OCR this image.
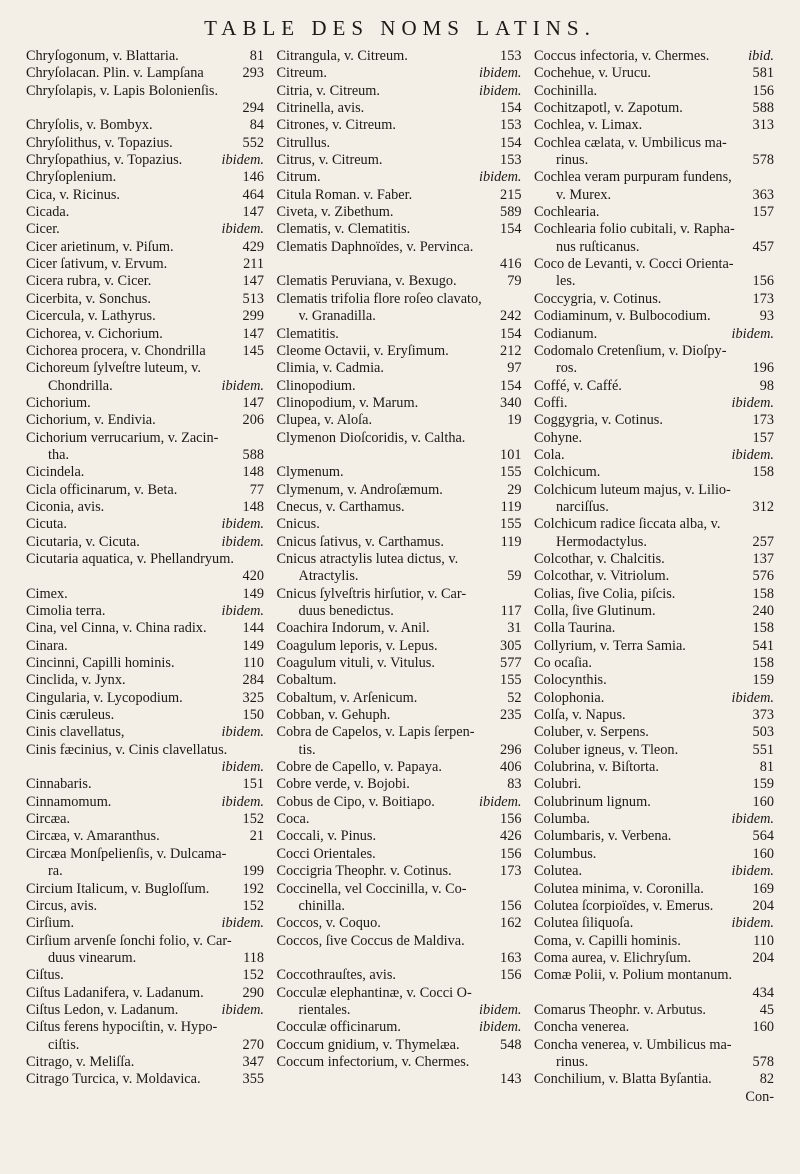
TABLE DES NOMS LATINS.
Chryſogonum, v. Blattaria.	81
Chryſolacan. Plin. v. Lampſana	293
Chryſolapis, v. Lapis Bolonienſis.
294
Chryſolis, v. Bombyx.	84
Chryſolithus, v. Topazius.	552
Chryſopathius, v. Topazius.	ibidem.
Chryſoplenium.	146
Cica, v. Ricinus.	464
Cicada.	147
Cicer.	ibidem.
Cicer arietinum, v. Piſum.	429
Cicer ſativum, v. Ervum.	211
Cicera rubra, v. Cicer.	147
Cicerbita, v. Sonchus.	513
Cicercula, v. Lathyrus.	299
Cichorea, v. Cichorium.	147
Cichorea procera, v. Chondrilla	145
Cichoreum ſylveſtre luteum, v.
Chondrilla.	ibidem.
Cichorium.	147
Cichorium, v. Endivia.	206
Cichorium verrucarium, v. Zacin-
tha.	588
Cicindela.	148
Cicla officinarum, v. Beta.	77
Ciconia, avis.	148
Cicuta.	ibidem.
Cicutaria, v. Cicuta.	ibidem.
Cicutaria aquatica, v. Phellandryum.
420
Cimex.	149
Cimolia terra.	ibidem.
Cina, vel Cinna, v. China radix.	144
Cinara.	149
Cincinni, Capilli hominis.	110
Cinclida, v. Jynx.	284
Cingularia, v. Lycopodium.	325
Cinis cæruleus.	150
Cinis clavellatus,	ibidem.
Cinis fæcinius, v. Cinis clavellatus.
ibidem.
Cinnabaris.	151
Cinnamomum.	ibidem.
Circæa.	152
Circæa, v. Amaranthus.	21
Circæa Monſpelienſis, v. Dulcama-
ra.	199
Circium Italicum, v. Bugloſſum.	192
Circus, avis.	152
Cirſium.	ibidem.
Cirſium arvenſe ſonchi folio, v. Car-
duus vinearum.	118
Ciſtus.	152
Ciſtus Ladanifera, v. Ladanum.	290
Ciſtus Ledon, v. Ladanum.	ibidem.
Ciſtus ferens hypociſtin, v. Hypo-
ciſtis.	270
Citrago, v. Meliſſa.	347
Citrago Turcica, v. Moldavica.	355
Citrangula, v. Citreum.	153
Citreum.	ibidem.
Citria, v. Citreum.	ibidem.
Citrinella, avis.	154
Citrones, v. Citreum.	153
Citrullus.	154
Citrus, v. Citreum.	153
Citrum.	ibidem.
Citula Roman. v. Faber.	215
Civeta, v. Zibethum.	589
Clematis, v. Clematitis.	154
Clematis Daphnoïdes, v. Pervinca.
416
Clematis Peruviana, v. Bexugo.	79
Clematis trifolia flore roſeo clavato,
v. Granadilla.	242
Clematitis.	154
Cleome Octavii, v. Eryſimum.	212
Climia, v. Cadmia.	97
Clinopodium.	154
Clinopodium, v. Marum.	340
Clupea, v. Aloſa.	19
Clymenon Dioſcoridis, v. Caltha.
101
Clymenum.	155
Clymenum, v. Androſæmum.	29
Cnecus, v. Carthamus.	119
Cnicus.	155
Cnicus ſativus, v. Carthamus.	119
Cnicus atractylis lutea dictus, v.
Atractylis.	59
Cnicus ſylveſtris hirſutior, v. Car-
duus benedictus.	117
Coachira Indorum, v. Anil.	31
Coagulum leporis, v. Lepus.	305
Coagulum vituli, v. Vitulus.	577
Cobaltum.	155
Cobaltum, v. Arſenicum.	52
Cobban, v. Gehuph.	235
Cobra de Capelos, v. Lapis ſerpen-
tis.	296
Cobre de Capello, v. Papaya.	406
Cobre verde, v. Bojobi.	83
Cobus de Cipo, v. Boitiapo.	ibidem.
Coca.	156
Coccali, v. Pinus.	426
Cocci Orientales.	156
Coccigria Theophr. v. Cotinus.	173
Coccinella, vel Coccinilla, v. Co-
chinilla.	156
Coccos, v. Coquo.	162
Coccos, ſive Coccus de Maldiva.
163
Coccothrauſtes, avis.	156
Cocculæ elephantinæ, v. Cocci O-
rientales.	ibidem.
Cocculæ officinarum.	ibidem.
Coccum gnidium, v. Thymelæa.	548
Coccum infectorium, v. Chermes.
143
Coccus infectoria, v. Chermes.	ibid.
Cochehue, v. Urucu.	581
Cochinilla.	156
Cochitzapotl, v. Zapotum.	588
Cochlea, v. Limax.	313
Cochlea cælata, v. Umbilicus ma-
rinus.	578
Cochlea veram purpuram fundens,
v. Murex.	363
Cochlearia.	157
Cochlearia folio cubitali, v. Rapha-
nus ruſticanus.	457
Coco de Levanti, v. Cocci Orienta-
les.	156
Coccygria, v. Cotinus.	173
Codiaminum, v. Bulbocodium.	93
Codianum.	ibidem.
Codomalo Cretenſium, v. Dioſpy-
ros.	196
Coffé, v. Caffé.	98
Coffi.	ibidem.
Coggygria, v. Cotinus.	173
Cohyne.	157
Cola.	ibidem.
Colchicum.	158
Colchicum luteum majus, v. Lilio-
narciſſus.	312
Colchicum radice ſiccata alba, v.
Hermodactylus.	257
Colcothar, v. Chalcitis.	137
Colcothar, v. Vitriolum.	576
Colias, ſive Colia, piſcis.	158
Colla, ſive Glutinum.	240
Colla Taurina.	158
Collyrium, v. Terra Samia.	541
Co ocaſia.	158
Colocynthis.	159
Colophonia.	ibidem.
Colſa, v. Napus.	373
Coluber, v. Serpens.	503
Coluber igneus, v. Tleon.	551
Colubrina, v. Biſtorta.	81
Colubri.	159
Colubrinum lignum.	160
Columba.	ibidem.
Columbaris, v. Verbena.	564
Columbus.	160
Colutea.	ibidem.
Colutea minima, v. Coronilla.	169
Colutea ſcorpioïdes, v. Emerus.	204
Colutea ſiliquoſa.	ibidem.
Coma, v. Capilli hominis.	110
Coma aurea, v. Elichryſum.	204
Comæ Polii, v. Polium montanum.
434
Comarus Theophr. v. Arbutus.	45
Concha venerea.	160
Concha venerea, v. Umbilicus ma-
rinus.	578
Conchilium, v. Blatta Byſantia.	82
Con-
